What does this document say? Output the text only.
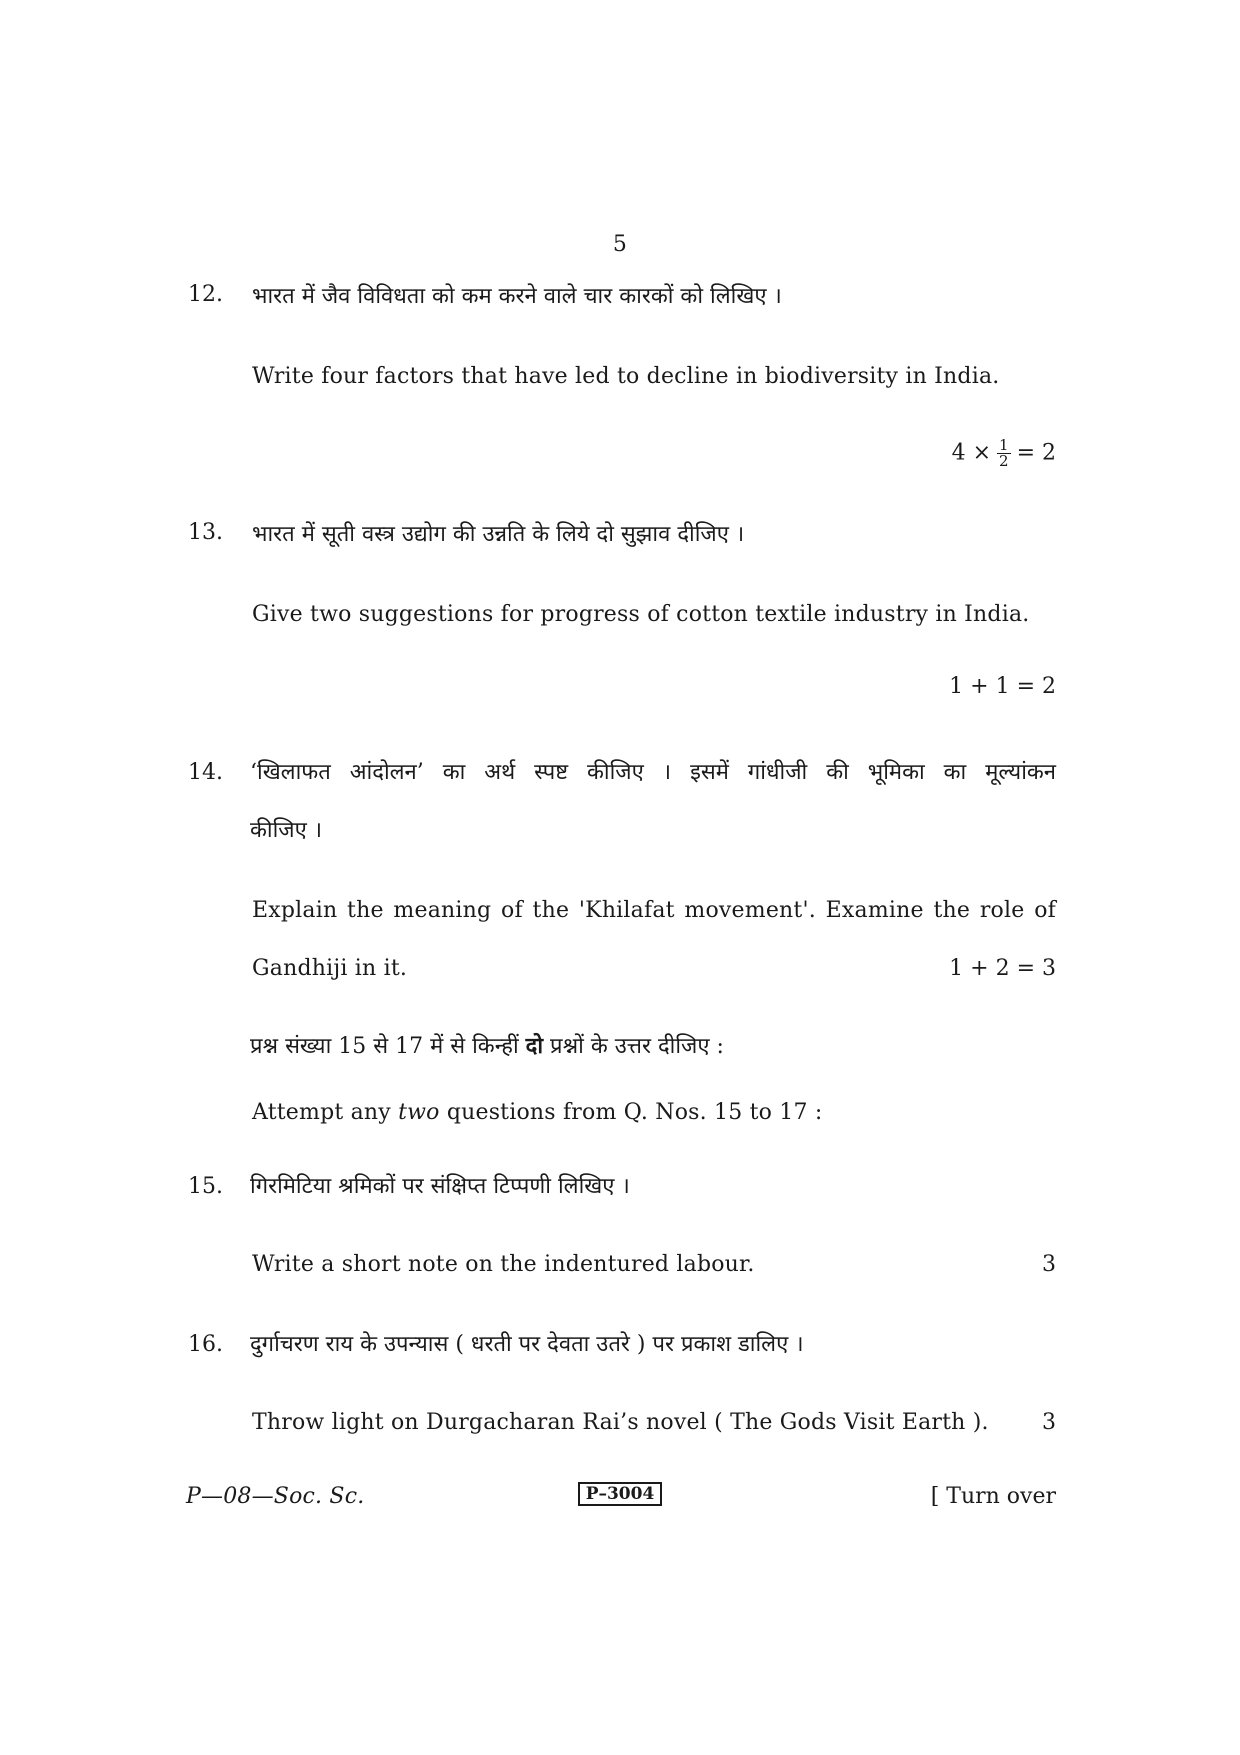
5
12. भारत में जैव विविधता को कम करने वाले चार कारकों को लिखिए ।
Write four factors that have led to decline in biodiversity in India.
$4 \times \frac{1}{2} = 2$
13. भारत में सूती वस्त्र उद्योग की उन्नति के लिये दो सुझाव दीजिए ।
Give two suggestions for progress of cotton textile industry in India.
1 + 1 = 2
14. ‘खिलाफत आंदोलन’ का अर्थ स्पष्ट कीजिए । इसमें गांधीजी की भूमिका का मूल्यांकन
कीजिए ।
Explain the meaning of the 'Khilafat movement'. Examine the role of
Gandhiji in it.	1 + 2 = 3
प्रश्न संख्या 15 से 17 में से किन्हीं दो प्रश्नों के उत्तर दीजिए :
Attempt any two questions from Q. Nos. 15 to 17 :
15. गिरमिटिया श्रमिकों पर संक्षिप्त टिप्पणी लिखिए ।
Write a short note on the indentured labour.	3
16. दुर्गाचरण राय के उपन्यास ( धरती पर देवता उतरे ) पर प्रकाश डालिए ।
Throw light on Durgacharan Rai’s novel ( The Gods Visit Earth ). 3
P—08—Soc. Sc.	P–3004	[ Turn over
